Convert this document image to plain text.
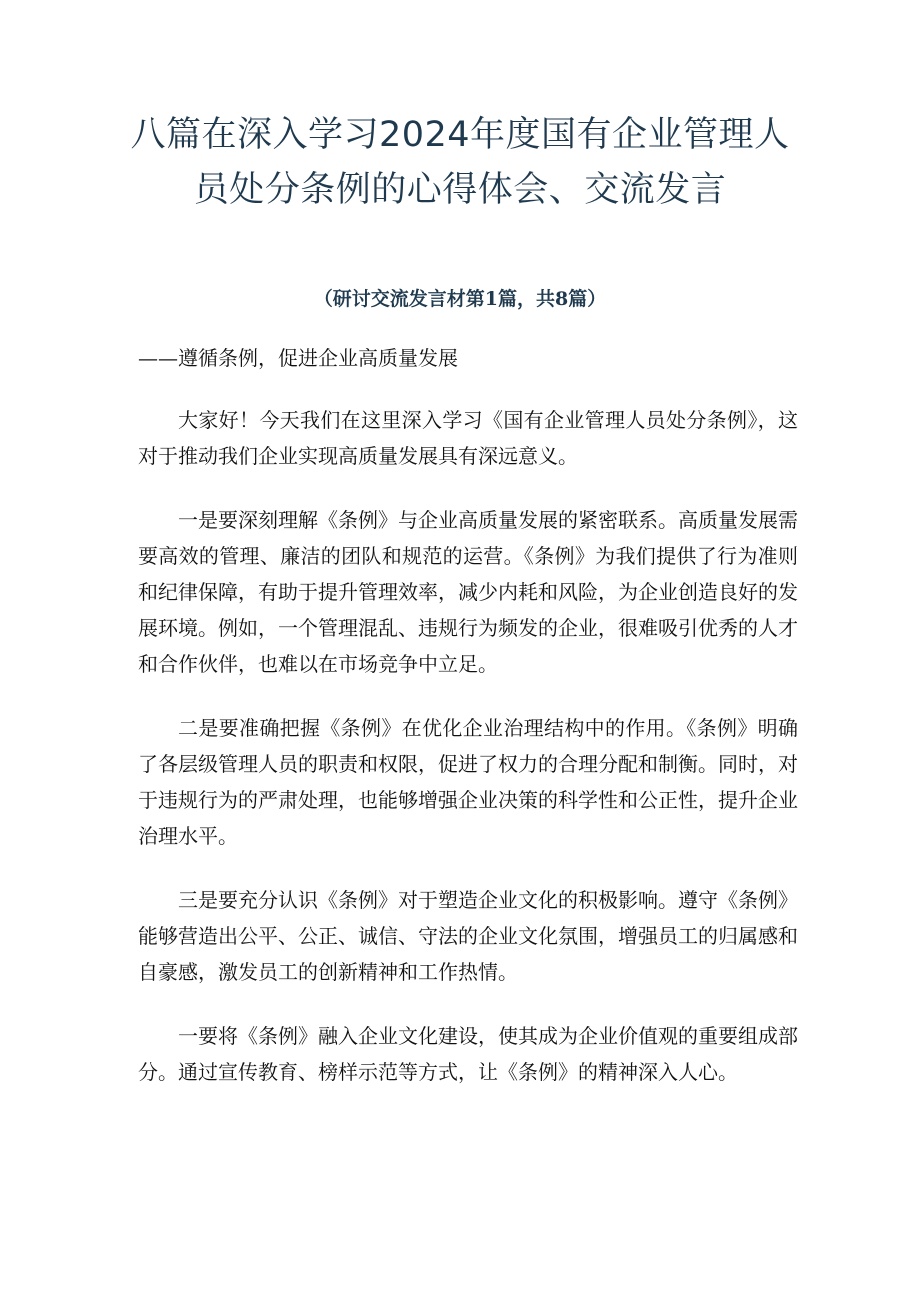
八篇在深入学习2024年度国有企业管理人
员处分条例的心得体会、交流发言
（研讨交流发言材第1篇，共8篇）

——遵循条例，促进企业高质量发展

大家好！今天我们在这里深入学习《国有企业管理人员处分条例》，这对于推动我们企业实现高质量发展具有深远意义。

一是要深刻理解《条例》与企业高质量发展的紧密联系。高质量发展需要高效的管理、廉洁的团队和规范的运营。《条例》为我们提供了行为准则和纪律保障，有助于提升管理效率，减少内耗和风险，为企业创造良好的发展环境。例如，一个管理混乱、违规行为频发的企业，很难吸引优秀的人才和合作伙伴，也难以在市场竞争中立足。

二是要准确把握《条例》在优化企业治理结构中的作用。《条例》明确了各层级管理人员的职责和权限，促进了权力的合理分配和制衡。同时，对于违规行为的严肃处理，也能够增强企业决策的科学性和公正性，提升企业治理水平。

三是要充分认识《条例》对于塑造企业文化的积极影响。遵守《条例》能够营造出公平、公正、诚信、守法的企业文化氛围，增强员工的归属感和自豪感，激发员工的创新精神和工作热情。

一要将《条例》融入企业文化建设，使其成为企业价值观的重要组成部分。通过宣传教育、榜样示范等方式，让《条例》的精神深入人心。
